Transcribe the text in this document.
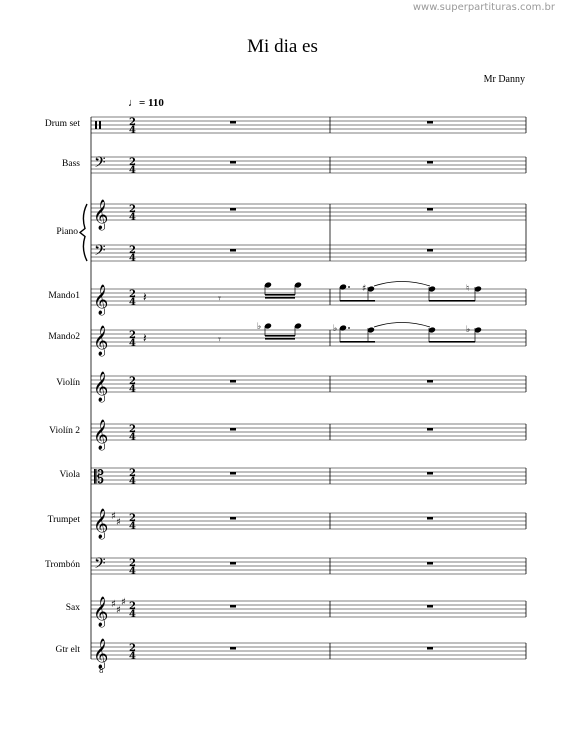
www.superpartituras.com.br
Mi dia es
Mr Danny
♩= 110
Drum set
Bass
Piano
Mando1
Mando2
Violín
Violín 2
Viola
Trumpet
Trombón
Sax
Gtr elt
2
4
𝄢 2
4
𝄞
𝄢
2
4
2
4
𝄞 2
4 𝄽	𝄾
♯	♮
𝄞 2
4 𝄽	𝄾
♭	♭	♭
𝄞 2
4
𝄞 2
4
𝄡 2
4
𝄞 ♯
♯ 2
4
𝄢 2
4
𝄞 ♯
♯
♯ 2
4
𝄞
8
2
4
